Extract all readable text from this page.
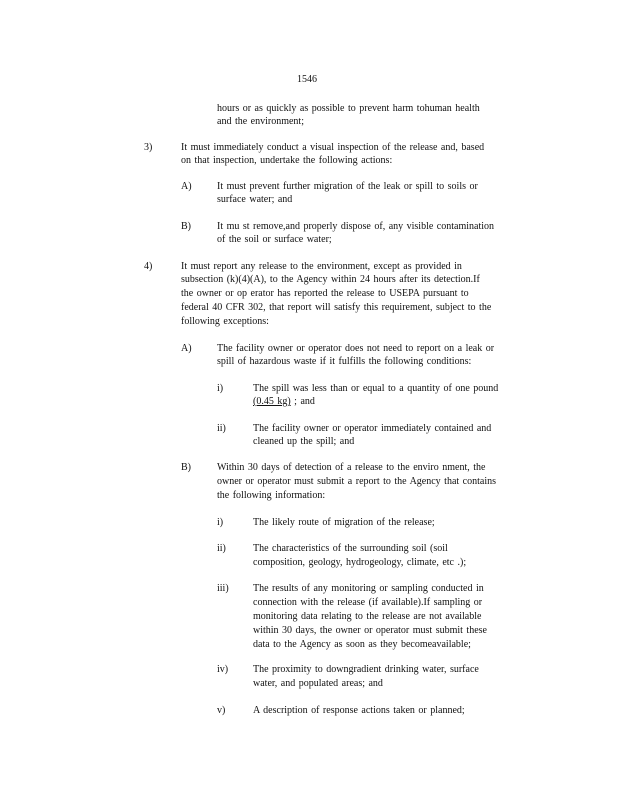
1546
hours or as quickly as possible to prevent harm tohuman health
and the environment;
3)	It must immediately conduct a visual inspection of the release and, based
on that inspection, undertake the following actions:
A)	It must prevent further migration of the leak or spill to soils or
surface water; and
B)	It mu st remove,and properly dispose of, any visible contamination
of the soil or surface water;
4)	It must report any release to the environment, except as provided in
subsection (k)(4)(A), to the Agency within 24 hours after its detection.If
the owner or op erator has reported the release to USEPA pursuant to
federal 40 CFR 302, that report will satisfy this requirement, subject to the
following exceptions:
A)	The facility owner or operator does not need to report on a leak or
spill of hazardous waste if it fulfills the following conditions:
i)	The spill was less than or equal to a quantity of one pound
(0.45 kg) ; and
ii)	The facility owner or operator immediately contained and
cleaned up the spill; and
B)	Within 30 days of detection of a release to the enviro nment, the
owner or operator must submit a report to the Agency that contains
the following information:
i)	The likely route of migration of the release;
ii)	The characteristics of the surrounding soil (soil
composition, geology, hydrogeology, climate, etc .);
iii) The results of any monitoring or sampling conducted in
connection with the release (if available).If sampling or
monitoring data relating to the release are not available
within 30 days, the owner or operator must submit these
data to the Agency as soon as they becomeavailable;
iv) The proximity to downgradient drinking water, surface
water, and populated areas; and
v)	A description of response actions taken or planned;
